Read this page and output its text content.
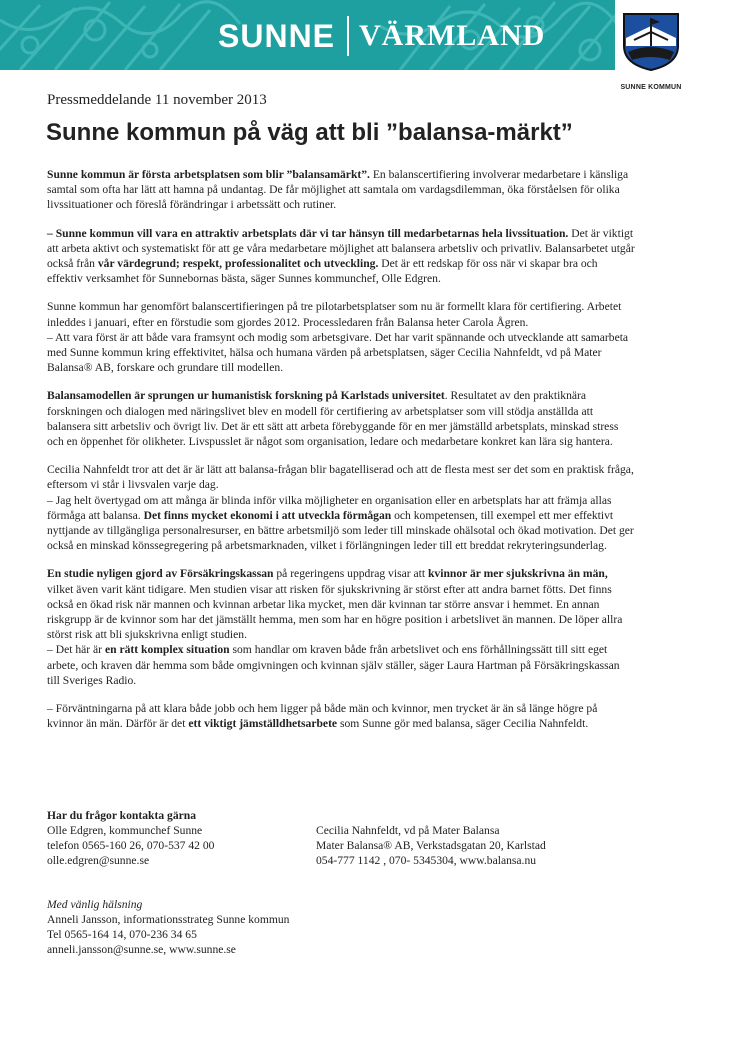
SUNNE VÄRMLAND
SUNNE KOMMUN
Pressmeddelande 11 november 2013
Sunne kommun på väg att bli ”balansa-märkt”

Sunne kommun är första arbetsplatsen som blir ”balansamärkt”. En balanscertifiering involverar medarbetare i känsliga samtal som ofta har lätt att hamna på undantag. De får möjlighet att samtala om vardagsdilemman, öka förståelsen för olika livssituationer och föreslå förändringar i arbetssätt och rutiner.

– Sunne kommun vill vara en attraktiv arbetsplats där vi tar hänsyn till medarbetarnas hela livssituation. Det är viktigt att arbeta aktivt och systematiskt för att ge våra medarbetare möjlighet att balansera arbetsliv och privatliv. Balansarbetet utgår också från vår värdegrund; respekt, professionalitet och utveckling. Det är ett redskap för oss när vi skapar bra och effektiv verksamhet för Sunnebornas bästa, säger Sunnes kommunchef, Olle Edgren.

Sunne kommun har genomfört balanscertifieringen på tre pilotarbetsplatser som nu är formellt klara för certifiering. Arbetet inleddes i januari, efter en förstudie som gjordes 2012. Processledaren från Balansa heter Carola Ågren.
– Att vara först är att både vara framsynt och modig som arbetsgivare. Det har varit spännande och utvecklande att samarbeta med Sunne kommun kring effektivitet, hälsa och humana värden på arbetsplatsen, säger Cecilia Nahnfeldt, vd på Mater Balansa® AB, forskare och grundare till modellen.

Balansamodellen är sprungen ur humanistisk forskning på Karlstads universitet. Resultatet av den praktiknära forskningen och dialogen med näringslivet blev en modell för certifiering av arbetsplatser som vill stödja anställda att balansera sitt arbetsliv och övrigt liv. Det är ett sätt att arbeta förebyggande för en mer jämställd arbetsplats, minskad stress och en öppenhet för olikheter. Livspusslet är något som organisation, ledare och medarbetare konkret kan lära sig hantera.

Cecilia Nahnfeldt tror att det är är lätt att balansa-frågan blir bagatelliserad och att de flesta mest ser det som en praktisk fråga, eftersom vi står i livsvalen varje dag.
– Jag helt övertygad om att många är blinda inför vilka möjligheter en organisation eller en arbetsplats har att främja allas förmåga att balansa. Det finns mycket ekonomi i att utveckla förmågan och kompetensen, till exempel ett mer effektivt nyttjande av tillgängliga personalresurser, en bättre arbetsmiljö som leder till minskade ohälsotal och ökad motivation. Det ger också en minskad könssegregering på arbetsmarknaden, vilket i förlängningen leder till ett breddat rekryteringsunderlag.

En studie nyligen gjord av Försäkringskassan på regeringens uppdrag visar att kvinnor är mer sjukskrivna än män, vilket även varit känt tidigare. Men studien visar att risken för sjukskrivning är störst efter att andra barnet fötts. Det finns också en ökad risk när mannen och kvinnan arbetar lika mycket, men där kvinnan tar större ansvar i hemmet. En annan riskgrupp är de kvinnor som har det jämställt hemma, men som har en högre position i arbetslivet än mannen. De löper allra störst risk att bli sjukskrivna enligt studien.
– Det här är en rätt komplex situation som handlar om kraven både från arbetslivet och ens förhållningssätt till sitt eget arbete, och kraven där hemma som både omgivningen och kvinnan själv ställer, säger Laura Hartman på Försäkringskassan till Sveriges Radio.

– Förväntningarna på att klara både jobb och hem ligger på både män och kvinnor, men trycket är än så länge högre på kvinnor än män. Därför är det ett viktigt jämställdhetsarbete som Sunne gör med balansa, säger Cecilia Nahnfeldt.

Har du frågor kontakta gärna
Olle Edgren, kommunchef Sunne
telefon 0565-160 26, 070-537 42 00
olle.edgren@sunne.se
Cecilia Nahnfeldt, vd på Mater Balansa
Mater Balansa® AB, Verkstadsgatan 20, Karlstad
054-777 1142 , 070- 5345304, www.balansa.nu
Med vänlig hälsning
Anneli Jansson, informationsstrateg Sunne kommun
Tel 0565-164 14, 070-236 34 65
anneli.jansson@sunne.se, www.sunne.se
